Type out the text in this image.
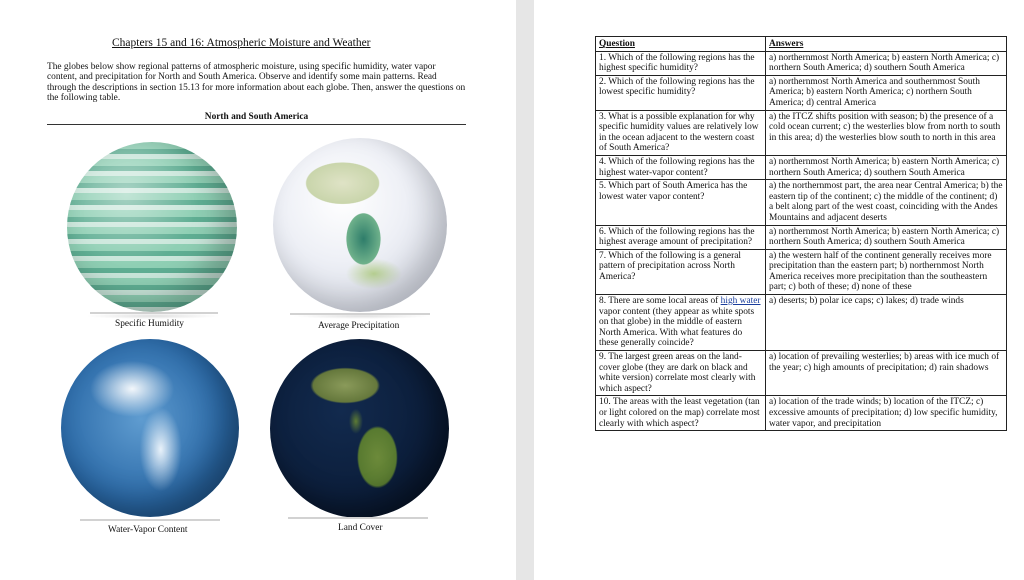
Chapters 15 and 16: Atmospheric Moisture and Weather

The globes below show regional patterns of atmospheric moisture, using specific humidity, water vapor content, and precipitation for North and South America. Observe and identify some main patterns. Read through the descriptions in section 15.13 for more information about each globe. Then, answer the questions on the following table.

North and South America
Specific Humidity	Average Precipitation
Water-Vapor Content	Land Cover
Question	Answers
1. Which of the following regions has the highest specific humidity?	a) northernmost North America; b) eastern North America; c) northern South America; d) southern South America
2. Which of the following regions has the lowest specific humidity?	a) northernmost North America and southernmost South America; b) eastern North America; c) northern South America; d) central America
3. What is a possible explanation for why specific humidity values are relatively low in the ocean adjacent to the western coast of South America?	a) the ITCZ shifts position with season; b) the presence of a cold ocean current; c) the westerlies blow from north to south in this area; d) the westerlies blow south to north in this area
4. Which of the following regions has the highest water-vapor content?	a) northernmost North America; b) eastern North America; c) northern South America; d) southern South America
5. Which part of South America has the lowest water vapor content?	a) the northernmost part, the area near Central America; b) the eastern tip of the continent; c) the middle of the continent; d) a belt along part of the west coast, coinciding with the Andes Mountains and adjacent deserts
6. Which of the following regions has the highest average amount of precipitation?	a) northernmost North America; b) eastern North America; c) northern South America; d) southern South America
7. Which of the following is a general pattern of precipitation across North America?	a) the western half of the continent generally receives more precipitation than the eastern part; b) northernmost North America receives more precipitation than the southeastern part; c) both of these; d) none of these
8. There are some local areas of high water vapor content (they appear as white spots on that globe) in the middle of eastern North America. With what features do these generally coincide?	a) deserts; b) polar ice caps; c) lakes; d) trade winds
9. The largest green areas on the land-cover globe (they are dark on black and white version) correlate most clearly with which aspect?	a) location of prevailing westerlies; b) areas with ice much of the year; c) high amounts of precipitation; d) rain shadows
10. The areas with the least vegetation (tan or light colored on the map) correlate most clearly with which aspect?	a) location of the trade winds; b) location of the ITCZ; c) excessive amounts of precipitation; d) low specific humidity, water vapor, and precipitation
